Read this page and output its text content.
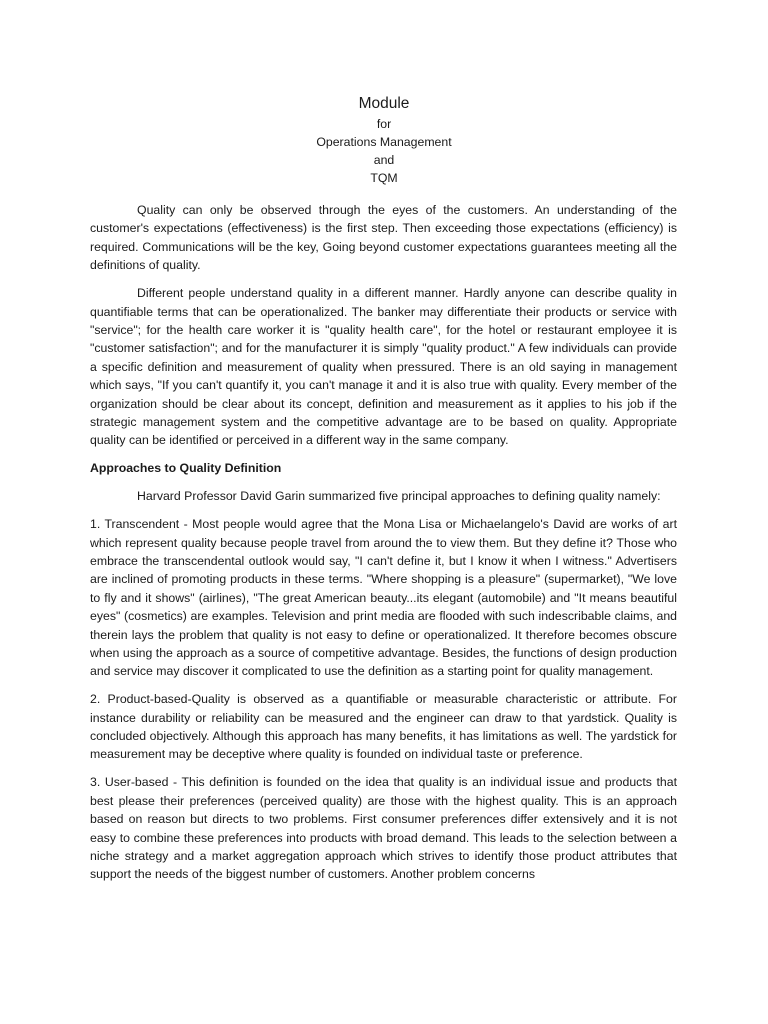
Module
for
Operations Management
and
TQM

Quality can only be observed through the eyes of the customers. An understanding of the customer's expectations (effectiveness) is the first step. Then exceeding those expectations (efficiency) is required. Communications will be the key, Going beyond customer expectations guarantees meeting all the definitions of quality.

Different people understand quality in a different manner. Hardly anyone can describe quality in quantifiable terms that can be operationalized. The banker may differentiate their products or service with "service"; for the health care worker it is "quality health care", for the hotel or restaurant employee it is "customer satisfaction"; and for the manufacturer it is simply "quality product." A few individuals can provide a specific definition and measurement of quality when pressured. There is an old saying in management which says, "If you can't quantify it, you can't manage it and it is also true with quality. Every member of the organization should be clear about its concept, definition and measurement as it applies to his job if the strategic management system and the competitive advantage are to be based on quality. Appropriate quality can be identified or perceived in a different way in the same company.

Approaches to Quality Definition

Harvard Professor David Garin summarized five principal approaches to defining quality namely:

1. Transcendent - Most people would agree that the Mona Lisa or Michaelangelo's David are works of art which represent quality because people travel from around the to view them. But they define it? Those who embrace the transcendental outlook would say, "I can't define it, but I know it when I witness." Advertisers are inclined of promoting products in these terms. "Where shopping is a pleasure" (supermarket), "We love to fly and it shows" (airlines), "The great American beauty...its elegant (automobile) and "It means beautiful eyes" (cosmetics) are examples. Television and print media are flooded with such indescribable claims, and therein lays the problem that quality is not easy to define or operationalized. It therefore becomes obscure when using the approach as a source of competitive advantage. Besides, the functions of design production and service may discover it complicated to use the definition as a starting point for quality management.

2. Product-based-Quality is observed as a quantifiable or measurable characteristic or attribute. For instance durability or reliability can be measured and the engineer can draw to that yardstick. Quality is concluded objectively. Although this approach has many benefits, it has limitations as well. The yardstick for measurement may be deceptive where quality is founded on individual taste or preference.

3. User-based - This definition is founded on the idea that quality is an individual issue and products that best please their preferences (perceived quality) are those with the highest quality. This is an approach based on reason but directs to two problems. First consumer preferences differ extensively and it is not easy to combine these preferences into products with broad demand. This leads to the selection between a niche strategy and a market aggregation approach which strives to identify those product attributes that support the needs of the biggest number of customers. Another problem concerns
